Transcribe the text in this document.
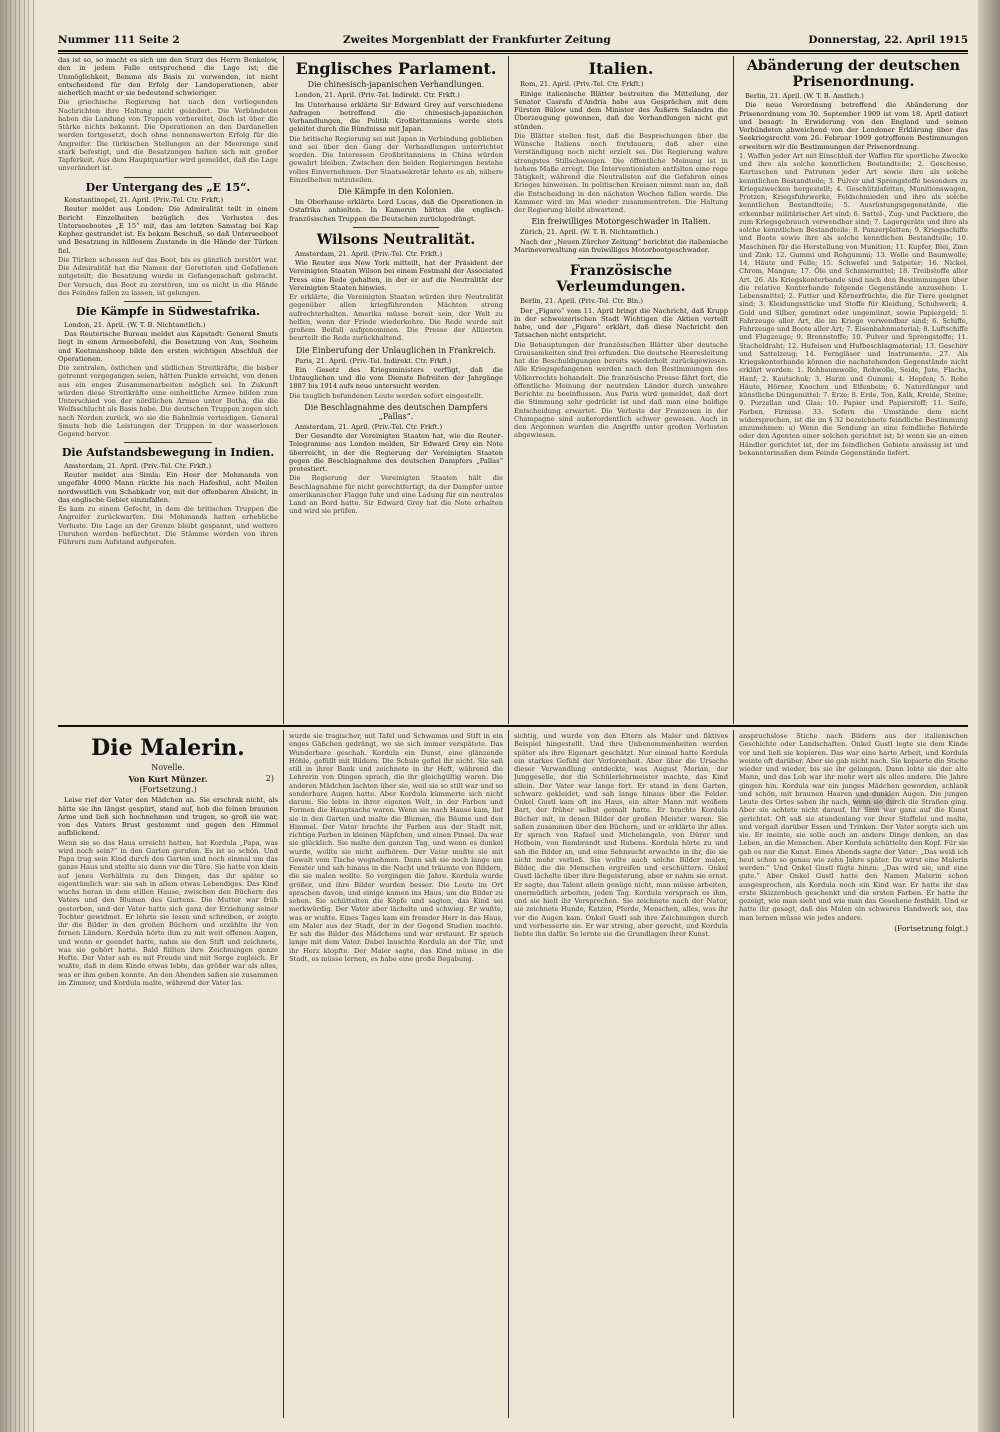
Nummer 111 Seite 2	Zweites Morgenblatt der Frankfurter Zeitung	Donnerstag, 22. April 1915
das ist so, so macht es sich um den Sturz des Herrn Benkelow, den in jedem Falle entsprechend die Lage ist; die Unmöglichkeit, Bemmo als Basis zu verwenden, ist nicht entscheidend für den Erfolg der Landoperationen, aber sicherlich macht er sie bedeutend schwieriger.
Die griechische Regierung hat nach den vorliegenden Nachrichten ihre Haltung nicht geändert. Die Verbündeten haben die Landung von Truppen vorbereitet, doch ist über die Stärke nichts bekannt. Die Operationen an den Dardanellen werden fortgesetzt, doch ohne nennenswerten Erfolg für die Angreifer. Die türkischen Stellungen an der Meerenge sind stark befestigt, und die Besatzungen halten sich mit großer Tapferkeit. Aus dem Hauptquartier wird gemeldet, daß die Lage unverändert ist.
Der Untergang des „E 15“.
Konstantinopel, 21. April. (Priv.-Tel. Ctr. Frkft.)
Reuter meldet aus London: Die Admiralität teilt in einem Bericht Einzelheiten bezüglich des Verlustes des Unterseebootes „E 15“ mit, das am letzten Samstag bei Kap Kephez gestrandet ist. Es bekam Beschuß, so daß Unterseeboot und Besatzung in hilflosem Zustande in die Hände der Türken fiel.
Die Türken schossen auf das Boot, bis es gänzlich zerstört war. Die Admiralität hat die Namen der Geretteten und Gefallenen mitgeteilt; die Besatzung wurde in Gefangenschaft gebracht. Der Versuch, das Boot zu zerstören, um es nicht in die Hände des Feindes fallen zu lassen, ist gelungen.
Die Kämpfe in Südwestafrika.
London, 21. April. (W. T. B. Nichtamtlich.)
Das Reuterische Bureau meldet aus Kapstadt: General Smuts liegt in einem Armeebefehl, die Besetzung von Aus, Seeheim und Keetmanshoop bilde den ersten wichtigen Abschluß der Operationen.
Die zentralen, östlichen und südlichen Streitkräfte, die bisher getrennt vorgegangen seien, hätten Punkte erreicht, von denen aus ein enges Zusammenarbeiten möglich sei. In Zukunft würden diese Streitkräfte eine einheitliche Armee bilden zum Unterschied von der nördlichen Armee unter Botha, die die Wolfsschlucht als Basis habe. Die deutschen Truppen zogen sich nach Norden zurück, wo sie die Bahnlinie verteidigen. General Smuts hob die Leistungen der Truppen in der wasserlosen Gegend hervor.
Die Aufstandsbewegung in Indien.
Amsterdam, 21. April. (Priv.-Tel. Ctr. Frkft.)
Reuter meldet aus Simla: Ein Heer der Mohmands von ungefähr 4000 Mann rückte bis nach Hafeshul, acht Meilen nordwestlich von Schabkadr vor, mit der offenbaren Absicht, in das englische Gebiet einzufallen.
Es kam zu einem Gefecht, in dem die britischen Truppen die Angreifer zurückwarfen. Die Mohmands hatten erhebliche Verluste. Die Lage an der Grenze bleibt gespannt, und weitere Unruhen werden befürchtet. Die Stämme werden von ihren Führern zum Aufstand aufgerufen.
Englisches Parlament.
Die chinesisch-japanischen Verhandlungen.
London, 21. April. (Priv.-Tel. Indirekt. Ctr. Frkft.)
Im Unterhause erklärte Sir Edward Grey auf verschiedene Anfragen betreffend die chinesisch-japanischen Verhandlungen, die Politik Großbritanniens werde stets geleitet durch die Bündnisse mit Japan.
Die britische Regierung sei mit Japan in Verbindung geblieben und sei über den Gang der Verhandlungen unterrichtet worden. Die Interessen Großbritanniens in China würden gewahrt bleiben. Zwischen den beiden Regierungen bestehe volles Einvernehmen. Der Staatssekretär lehnte es ab, nähere Einzelheiten mitzuteilen.
Die Kämpfe in den Kolonien.
Im Oberhause erklärte Lord Lucas, daß die Operationen in Ostafrika anhielten. In Kamerun hätten die englisch-französischen Truppen die Deutschen zurückgedrängt.
Wilsons Neutralität.
Amsterdam, 21. April. (Priv.-Tel. Ctr. Frkft.)
Wie Reuter aus New York mitteilt, hat der Präsident der Vereinigten Staaten Wilson bei einem Festmahl der Associated Press eine Rede gehalten, in der er auf die Neutralität der Vereinigten Staaten hinwies.
Er erklärte, die Vereinigten Staaten würden ihre Neutralität gegenüber allen kriegführenden Mächten streng aufrechterhalten. Amerika müsse bereit sein, der Welt zu helfen, wenn der Friede wiederkehre. Die Rede wurde mit großem Beifall aufgenommen. Die Presse der Alliierten beurteilt die Rede zurückhaltend.
Die Einberufung der Unlauglichen in Frankreich.
Paris, 21. April. (Priv.-Tel. Indirekt. Ctr. Frkft.)
Ein Gesetz des Kriegsministers verfügt, daß die Untauglichen und die vom Dienste Befreiten der Jahrgänge 1887 bis 1914 aufs neue untersucht werden.
Die tauglich befundenen Leute werden sofort eingestellt.
Die Beschlagnahme des deutschen Dampfers „Pallas“.
Amsterdam, 21. April. (Priv.-Tel. Ctr. Frkft.)
Der Gesandte der Vereinigten Staaten hat, wie die Reuter-Telegramme aus London melden, Sir Edward Grey ein Note überreicht, in der die Regierung der Vereinigten Staaten gegen die Beschlagnahme des deutschen Dampfers „Pallas“ protestiert.
Die Regierung der Vereinigten Staaten hält die Beschlagnahme für nicht gerechtfertigt, da der Dampfer unter amerikanischer Flagge fuhr und eine Ladung für ein neutrales Land an Bord hatte. Sir Edward Grey hat die Note erhalten und wird sie prüfen.
Italien.
Rom, 21. April. (Priv.-Tel. Ctr. Frkft.)
Einige italienische Blätter bestreiten die Mitteilung, der Senator Casrafa d'Andria habe aus Gesprächen mit dem Fürsten Bülow und dem Minister des Äußern Salandra die Überzeugung gewonnen, daß die Verhandlungen nicht gut stünden.
Die Blätter stellen fest, daß die Besprechungen über die Wünsche Italiens noch fortdauern, daß aber eine Verständigung noch nicht erzielt sei. Die Regierung wahre strengstes Stillschweigen. Die öffentliche Meinung ist in hohem Maße erregt. Die Interventionisten entfalten eine rege Tätigkeit, während die Neutralisten auf die Gefahren eines Krieges hinweisen. In politischen Kreisen nimmt man an, daß die Entscheidung in den nächsten Wochen fallen werde. Die Kammer wird im Mai wieder zusammentreten. Die Haltung der Regierung bleibt abwartend.
Ein freiwilliges Motorgeschwader in Italien.
Zürich, 21. April. (W. T. B. Nichtamtlich.)
Nach der „Neuen Zürcher Zeitung“ berichtet die italienische Marineverwaltung ein freiwilliges Motorbootgeschwader.
Französische Verleumdungen.
Berlin, 21. April. (Priv.-Tel. Ctr. Bln.)
Der „Figaro“ vom 11. April bringt die Nachricht, daß Krupp in der schweizerischen Stadt Wichtigen die Aktien verteilt habe, und der „Figaro“ erklärt, daß diese Nachricht den Tatsachen nicht entspricht.
Die Behauptungen der französischen Blätter über deutsche Grausamkeiten sind frei erfunden. Die deutsche Heeresleitung hat die Beschuldigungen bereits wiederholt zurückgewiesen. Alle Kriegsgefangenen werden nach den Bestimmungen des Völkerrechts behandelt. Die französische Presse fährt fort, die öffentliche Meinung der neutralen Länder durch unwahre Berichte zu beeinflussen. Aus Paris wird gemeldet, daß dort die Stimmung sehr gedrückt ist und daß man eine baldige Entscheidung erwartet. Die Verluste der Franzosen in der Champagne sind außerordentlich schwer gewesen. Auch in den Argonnen wurden die Angriffe unter großen Verlusten abgewiesen.
Abänderung der deutschen Prisenordnung.
Berlin, 21. April. (W. T. B. Amtlich.)
Die neue Verordnung betreffend die Abänderung der Prisenordnung vom 30. September 1909 ist vom 18. April datiert und besagt: In Erwiderung von den England und seinen Verbündeten abweichend von der Londoner Erklärung über das Seekriegsrecht vom 26. Februar 1909 getroffenen Bestimmungen erweitern wir die Bestimmungen der Prisenordnung.
1. Waffen jeder Art mit Einschluß der Waffen für sportliche Zwecke und ihre als solche kenntlichen Bestandteile; 2. Geschosse, Kartuschen und Patronen jeder Art sowie ihre als solche kenntlichen Bestandteile; 3. Pulver und Sprengstoffe besonders zu Kriegszwecken hergestellt; 4. Geschützlafetten, Munitionswagen, Protzen, Kriegsfuhrwerke, Feldschmieden und ihre als solche kenntlichen Bestandteile; 5. Ausrüstungsgegenstände, die erkennbar militärischer Art sind; 6. Sattel-, Zug- und Packtiere, die zum Kriegsgebrauch verwendbar sind; 7. Lagergeräte und ihre als solche kenntlichen Bestandteile; 8. Panzerplatten; 9. Kriegsschiffe und Boote sowie ihre als solche kenntlichen Bestandteile; 10. Maschinen für die Herstellung von Munition; 11. Kupfer, Blei, Zinn und Zink; 12. Gummi und Rohgummi; 13. Wolle und Baumwolle; 14. Häute und Felle; 15. Schwefel und Salpeter; 16. Nickel, Chrom, Mangan; 17. Öle und Schmiermittel; 18. Treibstoffe aller Art. 26. Als Kriegskonterbande sind nach den Bestimmungen über die relative Konterbande folgende Gegenstände anzusehen: 1. Lebensmittel; 2. Futter und Körnerfrüchte, die für Tiere geeignet sind; 3. Kleidungsstücke und Stoffe für Kleidung, Schuhwerk; 4. Gold und Silber, gemünzt oder ungemünzt, sowie Papiergeld; 5. Fahrzeuge aller Art, die im Kriege verwendbar sind; 6. Schiffe, Fahrzeuge und Boote aller Art; 7. Eisenbahnmaterial; 8. Luftschiffe und Flugzeuge; 9. Brennstoffe; 10. Pulver und Sprengstoffe; 11. Stacheldraht; 12. Hufeisen und Hufbeschlagmaterial; 13. Geschirr und Sattelzeug; 14. Ferngläser und Instrumente. 27. Als Kriegskonterbande können die nachstehenden Gegenstände nicht erklärt werden: 1. Rohbaumwolle, Rohwolle, Seide, Jute, Flachs, Hanf; 2. Kautschuk; 3. Harze und Gummi; 4. Hopfen; 5. Rohe Häute, Hörner, Knochen und Elfenbein; 6. Naturdünger und künstliche Düngemittel; 7. Erze; 8. Erde, Ton, Kalk, Kreide, Steine; 9. Porzellan und Glas; 10. Papier und Papierstoff; 11. Seife, Farben, Firnisse. 33. Sofern die Umstände dem nicht widersprechen, ist die im § 32 bezeichnete feindliche Bestimmung anzunehmen: a) Wenn die Sendung an eine feindliche Behörde oder den Agenten einer solchen gerichtet ist; b) wenn sie an einen Händler gerichtet ist, der im feindlichen Gebiete ansässig ist und bekanntermaßen dem Feinde Gegenstände liefert.
Die Malerin.
Novelle.
Von Kurt Münzer.	2)
(Fortsetzung.)
Leise rief der Vater den Mädchen an. Sie erschrak nicht, als hätte sie ihn längst gespürt, stand auf, hob die feinen braunen Arme und ließ sich hochnehmen und trugen, so groß sie war, von des Vaters Brust gestemmt und gegen den Himmel aufblickend.
Wenn sie so das Haus erreicht hatten, hat Kordula „Papa, was wird noch sein?“ in den Garten gerufen. Es ist so schön. Und Papa trug sein Kind durch den Garten und noch einmal um das ganze Haus und stellte sie dann vor die Türe. Sie hatte von klein auf jenes Verhältnis zu den Dingen, das ihr später so eigentümlich war: sie sah in allem etwas Lebendiges. Das Kind wuchs heran in dem stillen Hause, zwischen den Büchern des Vaters und den Blumen des Gartens. Die Mutter war früh gestorben, und der Vater hatte sich ganz der Erziehung seiner Tochter gewidmet. Er lehrte sie lesen und schreiben, er zeigte ihr die Bilder in den großen Büchern und erzählte ihr von fernen Ländern. Kordula hörte ihm zu mit weit offenen Augen, und wenn er geendet hatte, nahm sie den Stift und zeichnete, was sie gehört hatte. Bald füllten ihre Zeichnungen ganze Hefte. Der Vater sah es mit Freude und mit Sorge zugleich. Er wußte, daß in dem Kinde etwas lebte, das größer war als alles, was er ihm geben konnte. An den Abenden saßen sie zusammen im Zimmer, und Kordula malte, während der Vater las.
wurde sie tragischer, mit Tafel und Schwamm und Stift in ein enges Gäßchen gedrängt, wo sie sich immer verspätete. Das Wunderbare geschah. Kordula ein Dunst, eine glänzende Höhle, gefüllt mit Bildern. Die Schule gefiel ihr nicht. Sie saß still in ihrer Bank und zeichnete in ihr Heft, während die Lehrerin von Dingen sprach, die ihr gleichgültig waren. Die anderen Mädchen lachten über sie, weil sie so still war und so sonderbare Augen hatte. Aber Kordula kümmerte sich nicht darum. Sie lebte in ihrer eigenen Welt, in der Farben und Formen die Hauptsache waren. Wenn sie nach Hause kam, lief sie in den Garten und malte die Blumen, die Bäume und den Himmel. Der Vater brachte ihr Farben aus der Stadt mit, richtige Farben in kleinen Näpfchen, und einen Pinsel. Da war sie glücklich. Sie malte den ganzen Tag, und wenn es dunkel wurde, wollte sie nicht aufhören. Der Vater mußte sie mit Gewalt vom Tische wegnehmen. Dann saß sie noch lange am Fenster und sah hinaus in die Nacht und träumte von Bildern, die sie malen wollte. So vergingen die Jahre. Kordula wurde größer, und ihre Bilder wurden besser. Die Leute im Ort sprachen davon, und einige kamen ins Haus, um die Bilder zu sehen. Sie schüttelten die Köpfe und sagten, das Kind sei merkwürdig. Der Vater aber lächelte und schwieg. Er wußte, was er wußte. Eines Tages kam ein fremder Herr in das Haus, ein Maler aus der Stadt, der in der Gegend Studien machte. Er sah die Bilder des Mädchens und war erstaunt. Er sprach lange mit dem Vater. Dabei lauschte Kordula an der Tür, und ihr Herz klopfte. Der Maler sagte, das Kind müsse in die Stadt, es müsse lernen, es habe eine große Begabung.
sichtig, und wurde von den Eltern als Maler und fiktives Beispiel hingestellt. Und ihre Unbenommenheiten wurden später als ihre Eigenart geschätzt. Nur einmal hatte Kordula ein starkes Gefühl der Verlorenheit. Aber über die Ursache dieser Verwandlung entdeckte, was August Merian, der Junggeselle, der die Schülerlehrmeister machte, das Kind allein. Der Vater war lange fort. Er stand in dem Garten, schwarz gekleidet, und sah lange hinaus über die Felder. Onkel Gustl kam oft ins Haus, ein alter Mann mit weißem Bart, der früher selbst gemalt hatte. Er brachte Kordula Bücher mit, in denen Bilder der großen Meister waren. Sie saßen zusammen über den Büchern, und er erklärte ihr alles. Er sprach von Rafael und Michelangelo, von Dürer und Holbein, von Rembrandt und Rubens. Kordula hörte zu und sah die Bilder an, und eine Sehnsucht erwachte in ihr, die sie nicht mehr verließ. Sie wollte auch solche Bilder malen, Bilder, die die Menschen ergreifen und erschüttern. Onkel Gustl lächelte über ihre Begeisterung, aber er nahm sie ernst. Er sagte, das Talent allein genüge nicht, man müsse arbeiten, unermüdlich arbeiten, jeden Tag. Kordula versprach es ihm, und sie hielt ihr Versprechen. Sie zeichnete nach der Natur, sie zeichnete Hunde, Katzen, Pferde, Menschen, alles, was ihr vor die Augen kam. Onkel Gustl sah ihre Zeichnungen durch und verbesserte sie. Er war streng, aber gerecht, und Kordula liebte ihn dafür. So lernte sie die Grundlagen ihrer Kunst.
anspruchslose Stiche nach Bildern aus der italienischen Geschichte oder Landschaften. Onkel Gustl legte sie dem Kinde vor und ließ sie kopieren. Das war eine harte Arbeit, und Kordula weinte oft darüber. Aber sie gab nicht nach. Sie kopierte die Stiche wieder und wieder, bis sie ihr gelangen. Dann lobte sie der alte Mann, und das Lob war ihr mehr wert als alles andere. Die Jahre gingen hin. Kordula war ein junges Mädchen geworden, schlank und schön, mit braunen Haaren und dunklen Augen. Die jungen Leute des Ortes sahen ihr nach, wenn sie durch die Straßen ging. Aber sie achtete nicht darauf. Ihr Sinn war ganz auf die Kunst gerichtet. Oft saß sie stundenlang vor ihrer Staffelei und malte, und vergaß darüber Essen und Trinken. Der Vater sorgte sich um sie. Er meinte, sie solle auch an andere Dinge denken, an das Leben, an die Menschen. Aber Kordula schüttelte den Kopf. Für sie gab es nur die Kunst. Eines Abends sagte der Vater: „Das weiß ich heut schon so genau wie zehn Jahre später. Du wirst eine Malerin werden.“ Und Onkel Gustl fügte hinzu: „Das wird sie, und eine gute.“ Aber Onkel Gustl hatte den Namen Malerin schon ausgesprochen, als Kordula noch ein Kind war. Er hatte ihr das erste Skizzenbuch geschenkt und die ersten Farben. Er hatte ihr gezeigt, wie man sieht und wie man das Gesehene festhält. Und er hatte ihr gesagt, daß das Malen ein schweres Handwerk sei, das man lernen müsse wie jedes andere.
(Fortsetzung folgt.)
